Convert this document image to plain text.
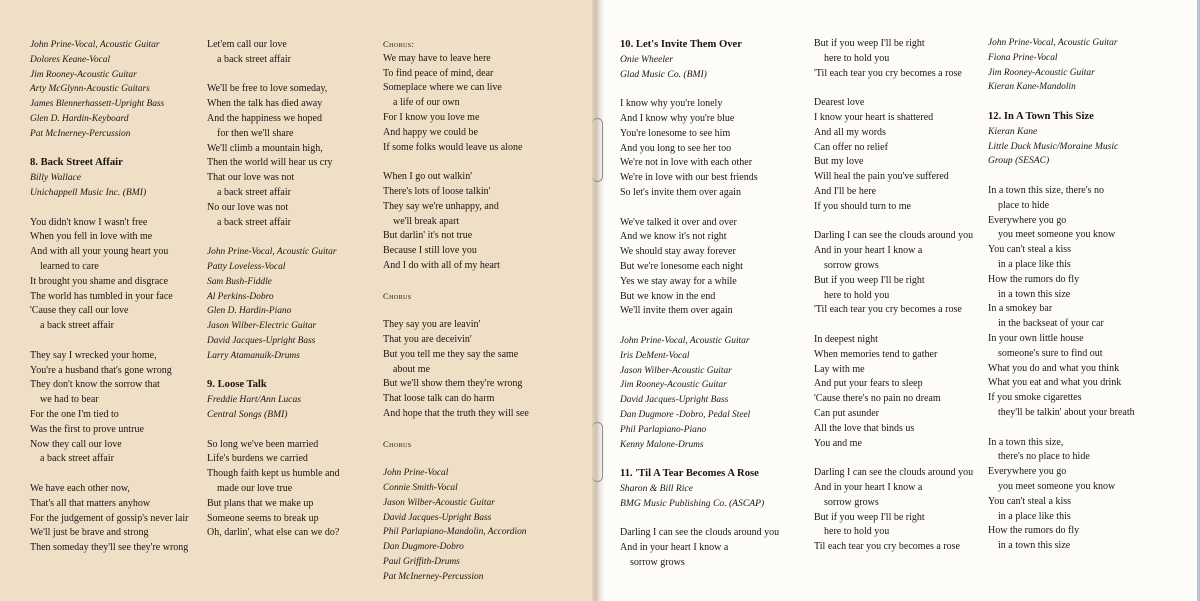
John Prine-Vocal, Acoustic Guitar
Dolores Keane-Vocal
Jim Rooney-Acoustic Guitar
Arty McGlynn-Acoustic Guitars
James Blennerhassett-Upright Bass
Glen D. Hardin-Keyboard
Pat McInerney-Percussion
8. Back Street Affair
Billy Wallace
Unichappell Music Inc. (BMI)
You didn't know I wasn't free
When you fell in love with me
And with all your young heart you
learned to care
It brought you shame and disgrace
The world has tumbled in your face
'Cause they call our love
a back street affair
They say I wrecked your home,
You're a husband that's gone wrong
They don't know the sorrow that
we had to bear
For the one I'm tied to
Was the first to prove untrue
Now they call our love
a back street affair
We have each other now,
That's all that matters anyhow
For the judgement of gossip's never lair
We'll just be brave and strong
Then someday they'll see they're wrong
Let'em call our love
a back street affair
We'll be free to love someday,
When the talk has died away
And the happiness we hoped
for then we'll share
We'll climb a mountain high,
Then the world will hear us cry
That our love was not
a back street affair
No our love was not
a back street affair
John Prine-Vocal, Acoustic Guitar
Patty Loveless-Vocal
Sam Bush-Fiddle
Al Perkins-Dobro
Glen D. Hardin-Piano
Jason Wilber-Electric Guitar
David Jacques-Upright Bass
Larry Atamanuik-Drums
9. Loose Talk
Freddie Hart/Ann Lucas
Central Songs (BMI)
So long we've been married
Life's burdens we carried
Though faith kept us humble and
made our love true
But plans that we make up
Someone seems to break up
Oh, darlin', what else can we do?
Chorus:
We may have to leave here
To find peace of mind, dear
Someplace where we can live
a life of our own
For I know you love me
And happy we could be
If some folks would leave us alone
When I go out walkin'
There's lots of loose talkin'
They say we're unhappy, and
we'll break apart
But darlin' it's not true
Because I still love you
And I do with all of my heart
Chorus
They say you are leavin'
That you are deceivin'
But you tell me they say the same
about me
But we'll show them they're wrong
That loose talk can do harm
And hope that the truth they will see
Chorus
John Prine-Vocal
Connie Smith-Vocal
Jason Wilber-Acoustic Guitar
David Jacques-Upright Bass
Phil Parlapiano-Mandolin, Accordion
Dan Dugmore-Dobro
Paul Griffith-Drums
Pat McInerney-Percussion
10. Let's Invite Them Over
Onie Wheeler
Glad Music Co. (BMI)
I know why you're lonely
And I know why you're blue
You're lonesome to see him
And you long to see her too
We're not in love with each other
We're in love with our best friends
So let's invite them over again
We've talked it over and over
And we know it's not right
We should stay away forever
But we're lonesome each night
Yes we stay away for a while
But we know in the end
We'll invite them over again
John Prine-Vocal, Acoustic Guitar
Iris DeMent-Vocal
Jason Wilber-Acoustic Guitar
Jim Rooney-Acoustic Guitar
David Jacques-Upright Bass
Dan Dugmore -Dobro, Pedal Steel
Phil Parlapiano-Piano
Kenny Malone-Drums
11. 'Til A Tear Becomes A Rose
Sharon & Bill Rice
BMG Music Publishing Co. (ASCAP)
Darling I can see the clouds around you
And in your heart I know a
sorrow grows
But if you weep I'll be right
here to hold you
'Til each tear you cry becomes a rose
Dearest love
I know your heart is shattered
And all my words
Can offer no relief
But my love
Will heal the pain you've suffered
And I'll be here
If you should turn to me
Darling I can see the clouds around you
And in your heart I know a
sorrow grows
But if you weep I'll be right
here to hold you
'Til each tear you cry becomes a rose
In deepest night
When memories tend to gather
Lay with me
And put your fears to sleep
'Cause there's no pain no dream
Can put asunder
All the love that binds us
You and me
Darling I can see the clouds around you
And in your heart I know a
sorrow grows
But if you weep I'll be right
here to hold you
Til each tear you cry becomes a rose
John Prine-Vocal, Acoustic Guitar
Fiona Prine-Vocal
Jim Rooney-Acoustic Guitar
Kieran Kane-Mandolin
12. In A Town This Size
Kieran Kane
Little Duck Music/Moraine Music
Group (SESAC)
In a town this size, there's no
place to hide
Everywhere you go
you meet someone you know
You can't steal a kiss
in a place like this
How the rumors do fly
in a town this size
In a smokey bar
in the backseat of your car
In your own little house
someone's sure to find out
What you do and what you think
What you eat and what you drink
If you smoke cigarettes
they'll be talkin' about your breath
In a town this size,
there's no place to hide
Everywhere you go
you meet someone you know
You can't steal a kiss
in a place like this
How the rumors do fly
in a town this size
